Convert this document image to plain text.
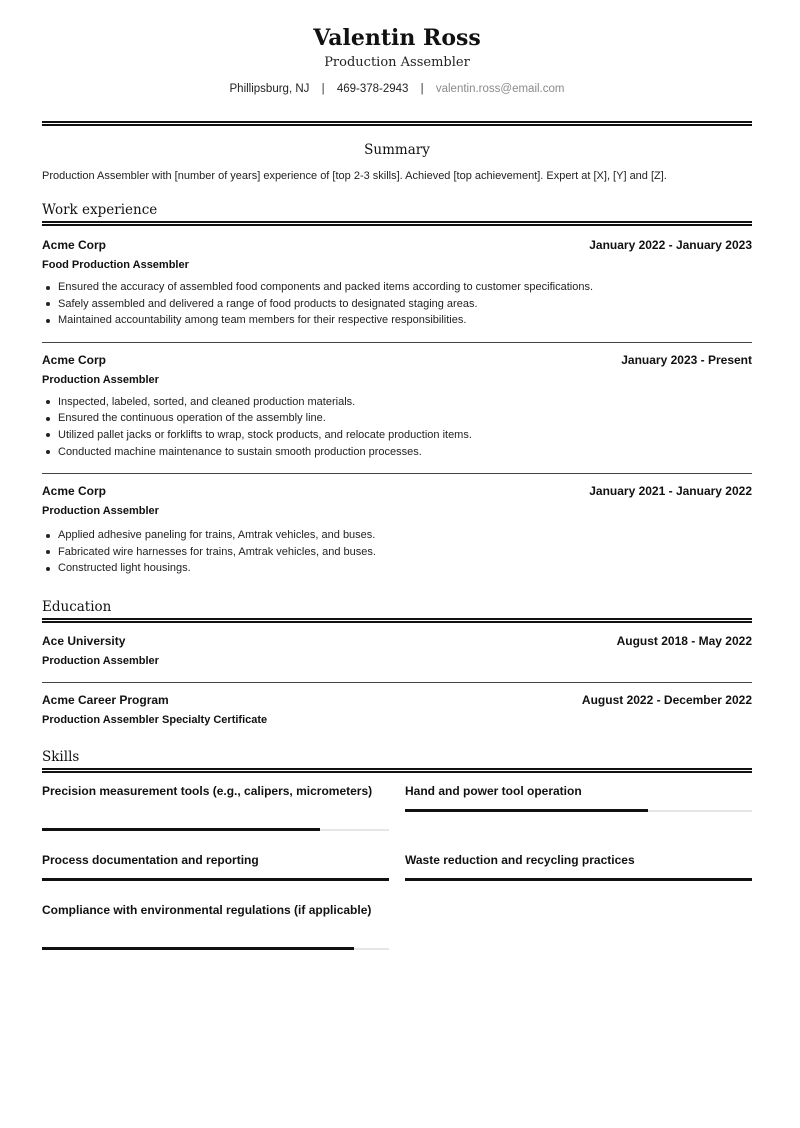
Valentin Ross
Production Assembler
Phillipsburg, NJ | 469-378-2943 | valentin.ross@email.com
Summary
Production Assembler with [number of years] experience of [top 2-3 skills]. Achieved [top achievement]. Expert at [X], [Y] and [Z].
Work experience
Acme Corp	January 2022 - January 2023
Food Production Assembler
Ensured the accuracy of assembled food components and packed items according to customer specifications.
Safely assembled and delivered a range of food products to designated staging areas.
Maintained accountability among team members for their respective responsibilities.
Acme Corp	January 2023 - Present
Production Assembler
Inspected, labeled, sorted, and cleaned production materials.
Ensured the continuous operation of the assembly line.
Utilized pallet jacks or forklifts to wrap, stock products, and relocate production items.
Conducted machine maintenance to sustain smooth production processes.
Acme Corp	January 2021 - January 2022
Production Assembler
Applied adhesive paneling for trains, Amtrak vehicles, and buses.
Fabricated wire harnesses for trains, Amtrak vehicles, and buses.
Constructed light housings.
Education
Ace University	August 2018 - May 2022
Production Assembler
Acme Career Program	August 2022 - December 2022
Production Assembler Specialty Certificate
Skills
Precision measurement tools (e.g., calipers, micrometers)	Hand and power tool operation
Process documentation and reporting	Waste reduction and recycling practices
Compliance with environmental regulations (if applicable)
